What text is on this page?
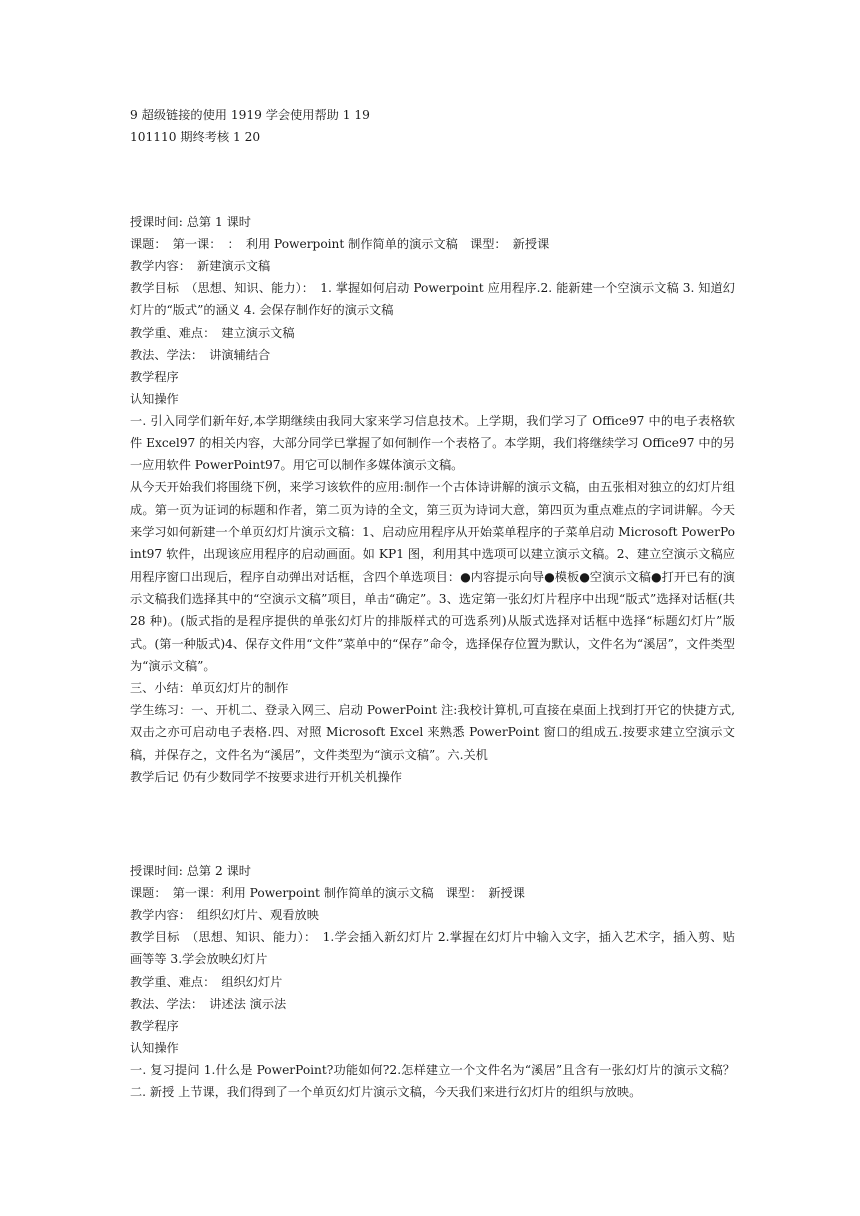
9 超级链接的使用 1919 学会使用帮助 1 19
101110 期终考核 1 20
授课时间: 总第 1 课时
课题：　第一课：　：　利用 Powerpoint 制作简单的演示文稿　课型：　新授课
教学内容：　新建演示文稿
教学目标　（思想、知识、能力）：　1. 掌握如何启动 Powerpoint 应用程序.2. 能新建一个空演示文稿 3. 知道幻灯片的“版式”的涵义 4. 会保存制作好的演示文稿
教学重、难点：　建立演示文稿
教法、学法：　讲演辅结合
教学程序
认知操作
一. 引入同学们新年好,本学期继续由我同大家来学习信息技术。上学期，我们学习了 Office97 中的电子表格软件 Excel97 的相关内容，大部分同学已掌握了如何制作一个表格了。本学期，我们将继续学习 Office97 中的另一应用软件 PowerPoint97。用它可以制作多媒体演示文稿。
从今天开始我们将围绕下例，来学习该软件的应用:制作一个古体诗讲解的演示文稿，由五张相对独立的幻灯片组成。第一页为证词的标题和作者，第二页为诗的全文，第三页为诗词大意，第四页为重点难点的字词讲解。今天来学习如何新建一个单页幻灯片演示文稿：1、启动应用程序从开始菜单程序的子菜单启动 Microsoft PowerPoint97 软件，出现该应用程序的启动画面。如 KP1 图，利用其中选项可以建立演示文稿。2、建立空演示文稿应用程序窗口出现后，程序自动弹出对话框，含四个单选项目：●内容提示向导●模板●空演示文稿●打开已有的演示文稿我们选择其中的“空演示文稿”项目，单击“确定”。3、选定第一张幻灯片程序中出现“版式”选择对话框(共 28 种)。(版式指的是程序提供的单张幻灯片的排版样式的可选系列)从版式选择对话框中选择“标题幻灯片”版式。(第一种版式)4、保存文件用“文件”菜单中的“保存”命令，选择保存位置为默认，文件名为“溪居”，文件类型为“演示文稿”。
三、小结：单页幻灯片的制作
学生练习：一、开机二、登录入网三、启动 PowerPoint 注:我校计算机,可直接在桌面上找到打开它的快捷方式,双击之亦可启动电子表格.四、对照 Microsoft Excel 来熟悉 PowerPoint 窗口的组成五.按要求建立空演示文稿，并保存之，文件名为“溪居”，文件类型为“演示文稿”。六.关机
教学后记 仍有少数同学不按要求进行开机关机操作
授课时间: 总第 2 课时
课题：　第一课：利用 Powerpoint 制作简单的演示文稿　课型：　新授课
教学内容：　组织幻灯片、观看放映
教学目标　（思想、知识、能力）：　1.学会插入新幻灯片 2.掌握在幻灯片中输入文字，插入艺术字，插入剪、贴画等等 3.学会放映幻灯片
教学重、难点：　组织幻灯片
教法、学法：　讲述法 演示法
教学程序
认知操作
一. 复习提问 1.什么是 PowerPoint?功能如何?2.怎样建立一个文件名为“溪居”且含有一张幻灯片的演示文稿？ 二. 新授 上节课，我们得到了一个单页幻灯片演示文稿，今天我们来进行幻灯片的组织与放映。
